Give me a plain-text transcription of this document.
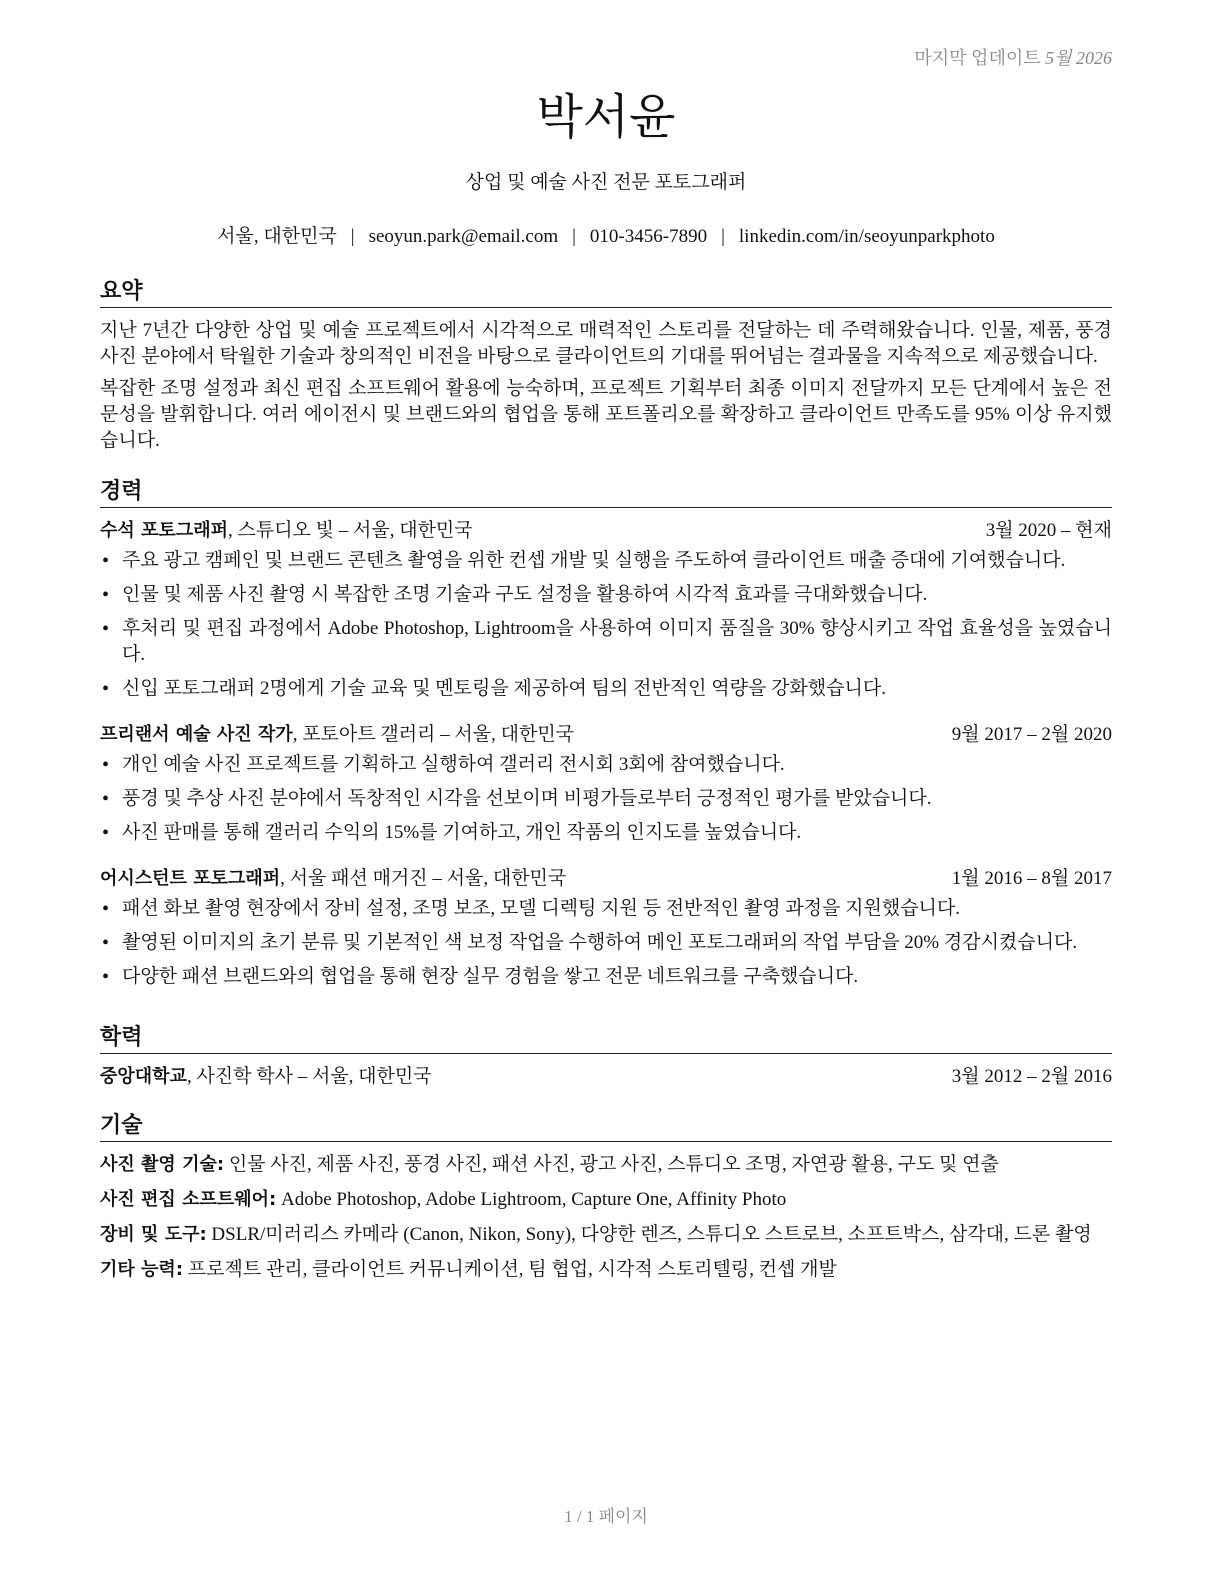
마지막 업데이트 5월 2026
박서윤
상업 및 예술 사진 전문 포토그래퍼
서울, 대한민국 | seoyun.park@email.com | 010-3456-7890 | linkedin.com/in/seoyunparkphoto
요약

지난 7년간 다양한 상업 및 예술 프로젝트에서 시각적으로 매력적인 스토리를 전달하는 데 주력해왔습니다. 인물, 제품, 풍경 사진 분야에서 탁월한 기술과 창의적인 비전을 바탕으로 클라이언트의 기대를 뛰어넘는 결과물을 지속적으로 제공했습니다.

복잡한 조명 설정과 최신 편집 소프트웨어 활용에 능숙하며, 프로젝트 기획부터 최종 이미지 전달까지 모든 단계에서 높은 전문성을 발휘합니다. 여러 에이전시 및 브랜드와의 협업을 통해 포트폴리오를 확장하고 클라이언트 만족도를 95% 이상 유지했습니다.

경력
수석 포토그래퍼, 스튜디오 빛 – 서울, 대한민국	3월 2020 – 현재
• 주요 광고 캠페인 및 브랜드 콘텐츠 촬영을 위한 컨셉 개발 및 실행을 주도하여 클라이언트 매출 증대에 기여했습니다.
• 인물 및 제품 사진 촬영 시 복잡한 조명 기술과 구도 설정을 활용하여 시각적 효과를 극대화했습니다.
• 후처리 및 편집 과정에서 Adobe Photoshop, Lightroom을 사용하여 이미지 품질을 30% 향상시키고 작업 효율성을 높였습니다.
• 신입 포토그래퍼 2명에게 기술 교육 및 멘토링을 제공하여 팀의 전반적인 역량을 강화했습니다.
프리랜서 예술 사진 작가, 포토아트 갤러리 – 서울, 대한민국	9월 2017 – 2월 2020
• 개인 예술 사진 프로젝트를 기획하고 실행하여 갤러리 전시회 3회에 참여했습니다.
• 풍경 및 추상 사진 분야에서 독창적인 시각을 선보이며 비평가들로부터 긍정적인 평가를 받았습니다.
• 사진 판매를 통해 갤러리 수익의 15%를 기여하고, 개인 작품의 인지도를 높였습니다.
어시스턴트 포토그래퍼, 서울 패션 매거진 – 서울, 대한민국	1월 2016 – 8월 2017
• 패션 화보 촬영 현장에서 장비 설정, 조명 보조, 모델 디렉팅 지원 등 전반적인 촬영 과정을 지원했습니다.
• 촬영된 이미지의 초기 분류 및 기본적인 색 보정 작업을 수행하여 메인 포토그래퍼의 작업 부담을 20% 경감시켰습니다.
• 다양한 패션 브랜드와의 협업을 통해 현장 실무 경험을 쌓고 전문 네트워크를 구축했습니다.
학력
중앙대학교, 사진학 학사 – 서울, 대한민국	3월 2012 – 2월 2016
기술
사진 촬영 기술: 인물 사진, 제품 사진, 풍경 사진, 패션 사진, 광고 사진, 스튜디오 조명, 자연광 활용, 구도 및 연출
사진 편집 소프트웨어: Adobe Photoshop, Adobe Lightroom, Capture One, Affinity Photo
장비 및 도구: DSLR/미러리스 카메라 (Canon, Nikon, Sony), 다양한 렌즈, 스튜디오 스트로브, 소프트박스, 삼각대, 드론 촬영
기타 능력: 프로젝트 관리, 클라이언트 커뮤니케이션, 팀 협업, 시각적 스토리텔링, 컨셉 개발
1 / 1 페이지
